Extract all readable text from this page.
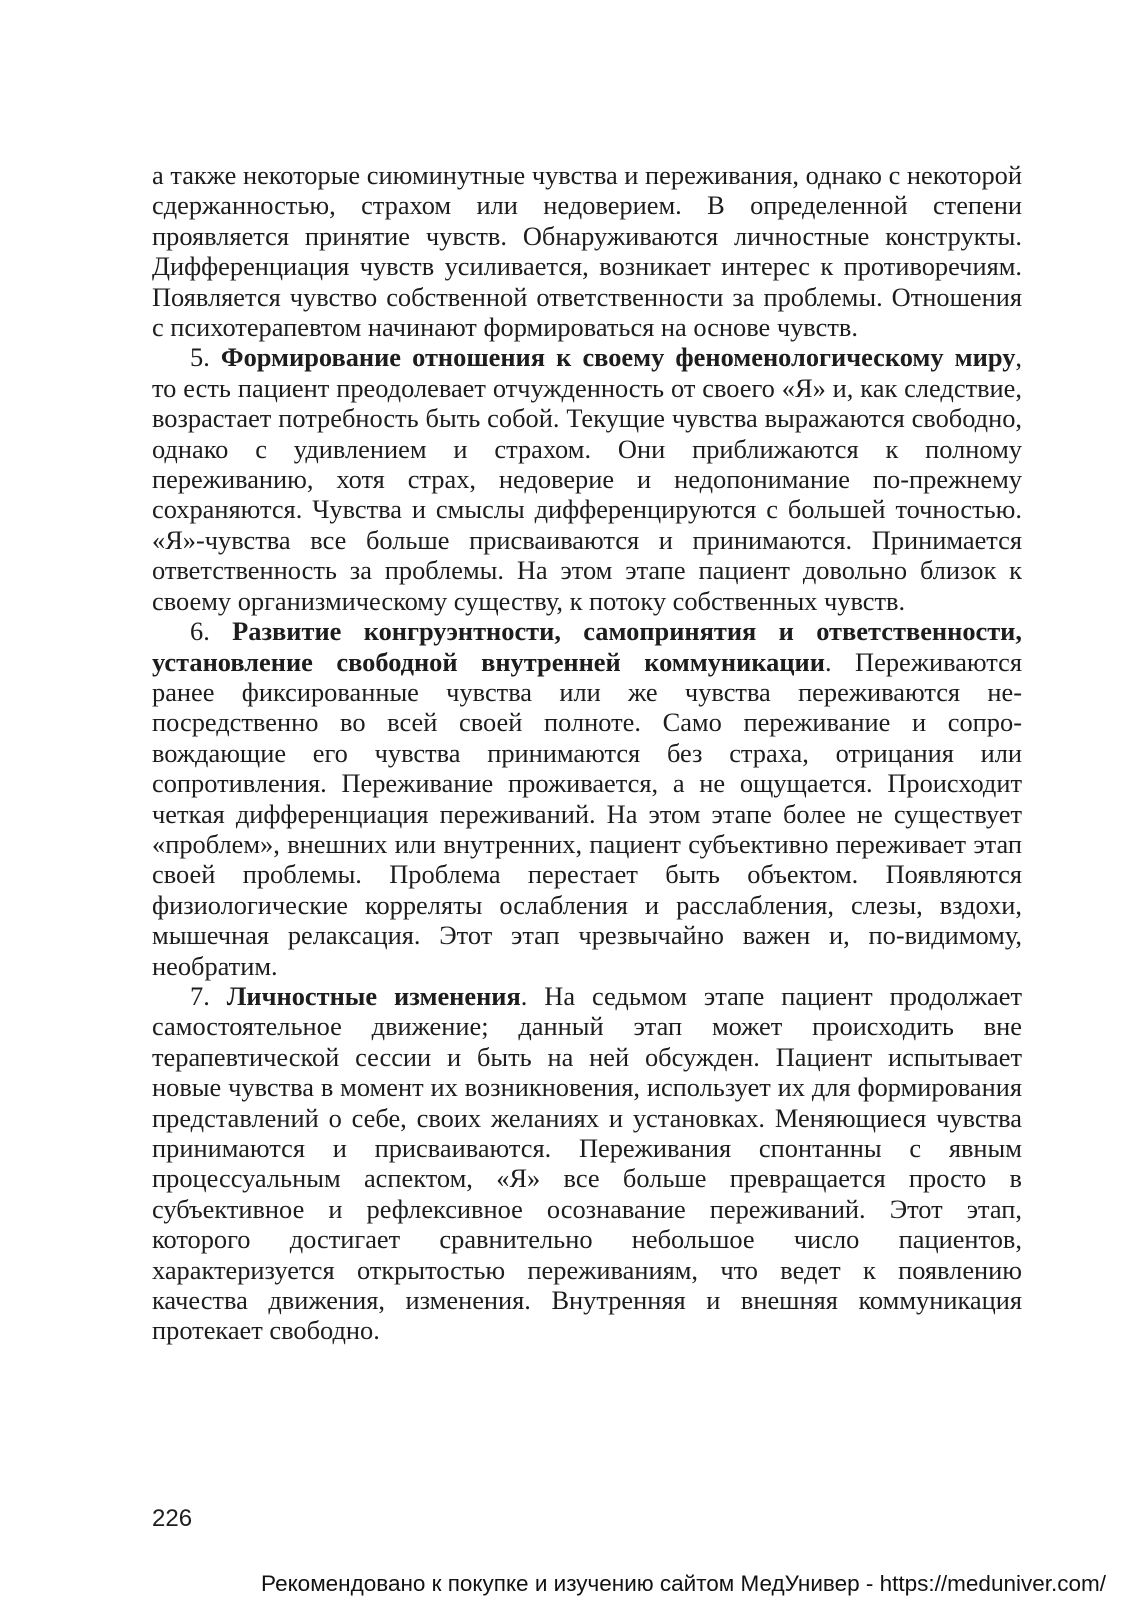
а также некоторые сиюминутные чувства и переживания, однако с некоторой сдержанностью, страхом или недоверием. В определенной степени проявляется принятие чувств. Обнаруживаются личностные конструкты. Дифференциация чувств усиливается, возникает интерес к противоречиям. Появляется чувство собственной ответственности за проблемы. Отношения с психотерапевтом начинают формироваться на основе чувств.

5. Формирование отношения к своему феноменологическому миру, то есть пациент преодолевает отчужденность от своего «Я» и, как следствие, возрастает потребность быть собой. Текущие чувства выражаются свободно, однако с удивлением и страхом. Они приближаются к полному переживанию, хотя страх, недоверие и недопонимание по-прежнему сохраняются. Чувства и смыслы дифференцируются с большей точностью. «Я»-чувства все больше присваиваются и принимаются. Принимается ответственность за проблемы. На этом этапе пациент довольно близок к своему организмическому существу, к потоку собственных чувств.

6. Развитие конгруэнтности, самопринятия и ответственности, установление свободной внутренней коммуникации. Переживаются ранее фиксированные чувства или же чувства переживаются непосредственно во всей своей полноте. Само переживание и сопровождающие его чувства принимаются без страха, отрицания или сопротивления. Переживание проживается, а не ощущается. Происходит четкая дифференциация переживаний. На этом этапе более не существует «проблем», внешних или внутренних, пациент субъективно переживает этап своей проблемы. Проблема перестает быть объектом. Появляются физиологические корреляты ослабления и расслабления, слезы, вздохи, мышечная релаксация. Этот этап чрезвычайно важен и, по-видимому, необратим.

7. Личностные изменения. На седьмом этапе пациент продолжает самостоятельное движение; данный этап может происходить вне терапевтической сессии и быть на ней обсужден. Пациент испытывает новые чувства в момент их возникновения, использует их для формирования представлений о себе, своих желаниях и установках. Меняющиеся чувства принимаются и присваиваются. Переживания спонтанны с явным процессуальным аспектом, «Я» все больше превращается просто в субъективное и рефлексивное осознавание переживаний. Этот этап, которого достигает сравнительно небольшое число пациентов, характеризуется открытостью переживаниям, что ведет к появлению качества движения, изменения. Внутренняя и внешняя коммуникация протекает свободно.

226
Рекомендовано к покупке и изучению сайтом МедУнивер - https://meduniver.com/
